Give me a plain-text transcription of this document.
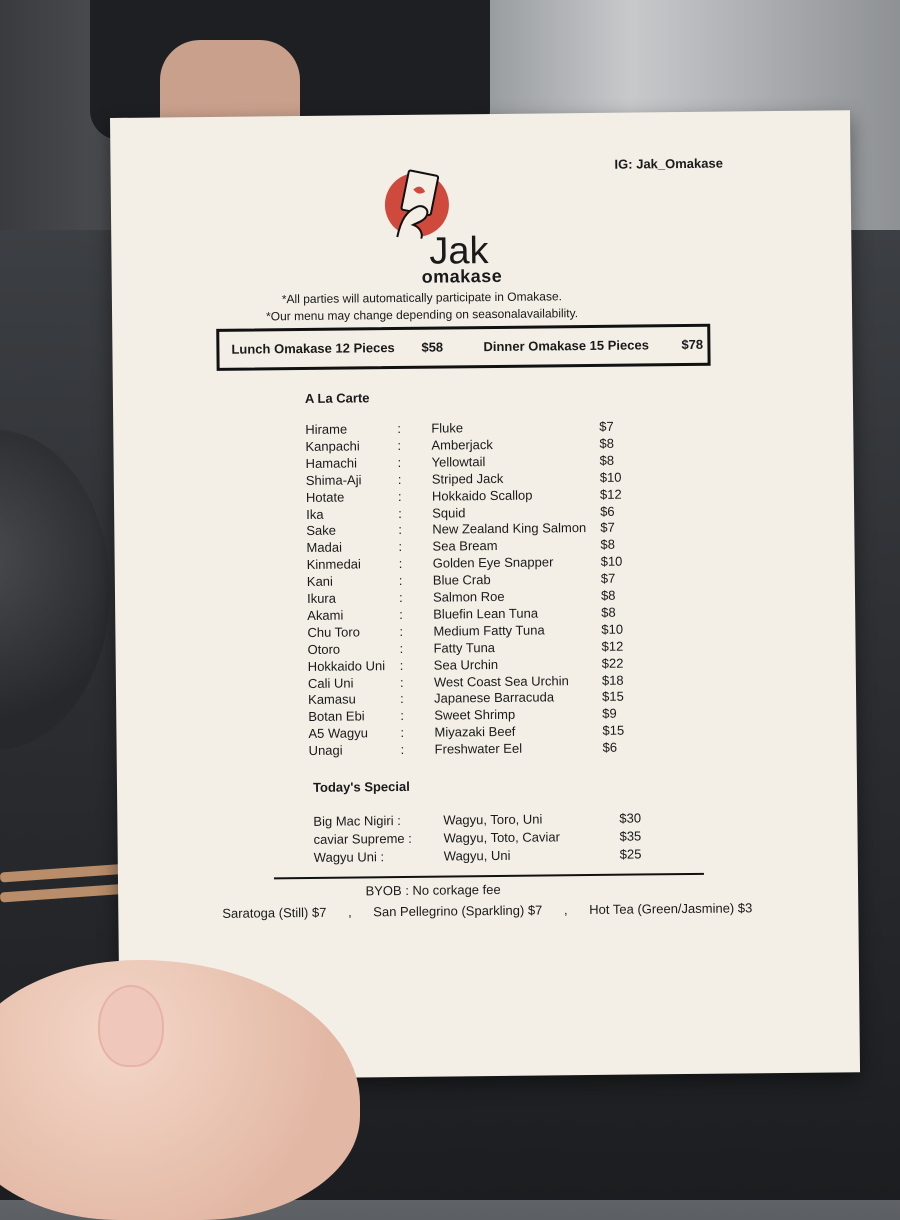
IG: Jak_Omakase
Jak
omakase
*All parties will automatically participate in Omakase.
*Our menu may change depending on seasonalavailability.
Lunch Omakase 12 Pieces $58	Dinner Omakase 15 Pieces $78
A La Carte
Hirame	: Fluke	$7
Kanpachi	: Amberjack	$8
Hamachi	: Yellowtail	$8
Shima-Aji	: Striped Jack	$10
Hotate	: Hokkaido Scallop	$12
Ika	: Squid	$6
Sake	: New Zealand King Salmon $7
Madai	: Sea Bream	$8
Kinmedai	: Golden Eye Snapper	$10
Kani	: Blue Crab	$7
Ikura	: Salmon Roe	$8
Akami	: Bluefin Lean Tuna	$8
Chu Toro	: Medium Fatty Tuna	$10
Otoro	: Fatty Tuna	$12
Hokkaido Uni : Sea Urchin	$22
Cali Uni	: West Coast Sea Urchin	$18
Kamasu	: Japanese Barracuda	$15
Botan Ebi	: Sweet Shrimp	$9
A5 Wagyu : Miyazaki Beef	$15
Unagi	: Freshwater Eel	$6
Today's Special
Big Mac Nigiri :	Wagyu, Toro, Uni	$30
caviar Supreme : Wagyu, Toto, Caviar	$35
Wagyu Uni :	Wagyu, Uni	$25
BYOB : No corkage fee
Saratoga (Still) $7 , San Pellegrino (Sparkling) $7 , Hot Tea (Green/Jasmine) $3
